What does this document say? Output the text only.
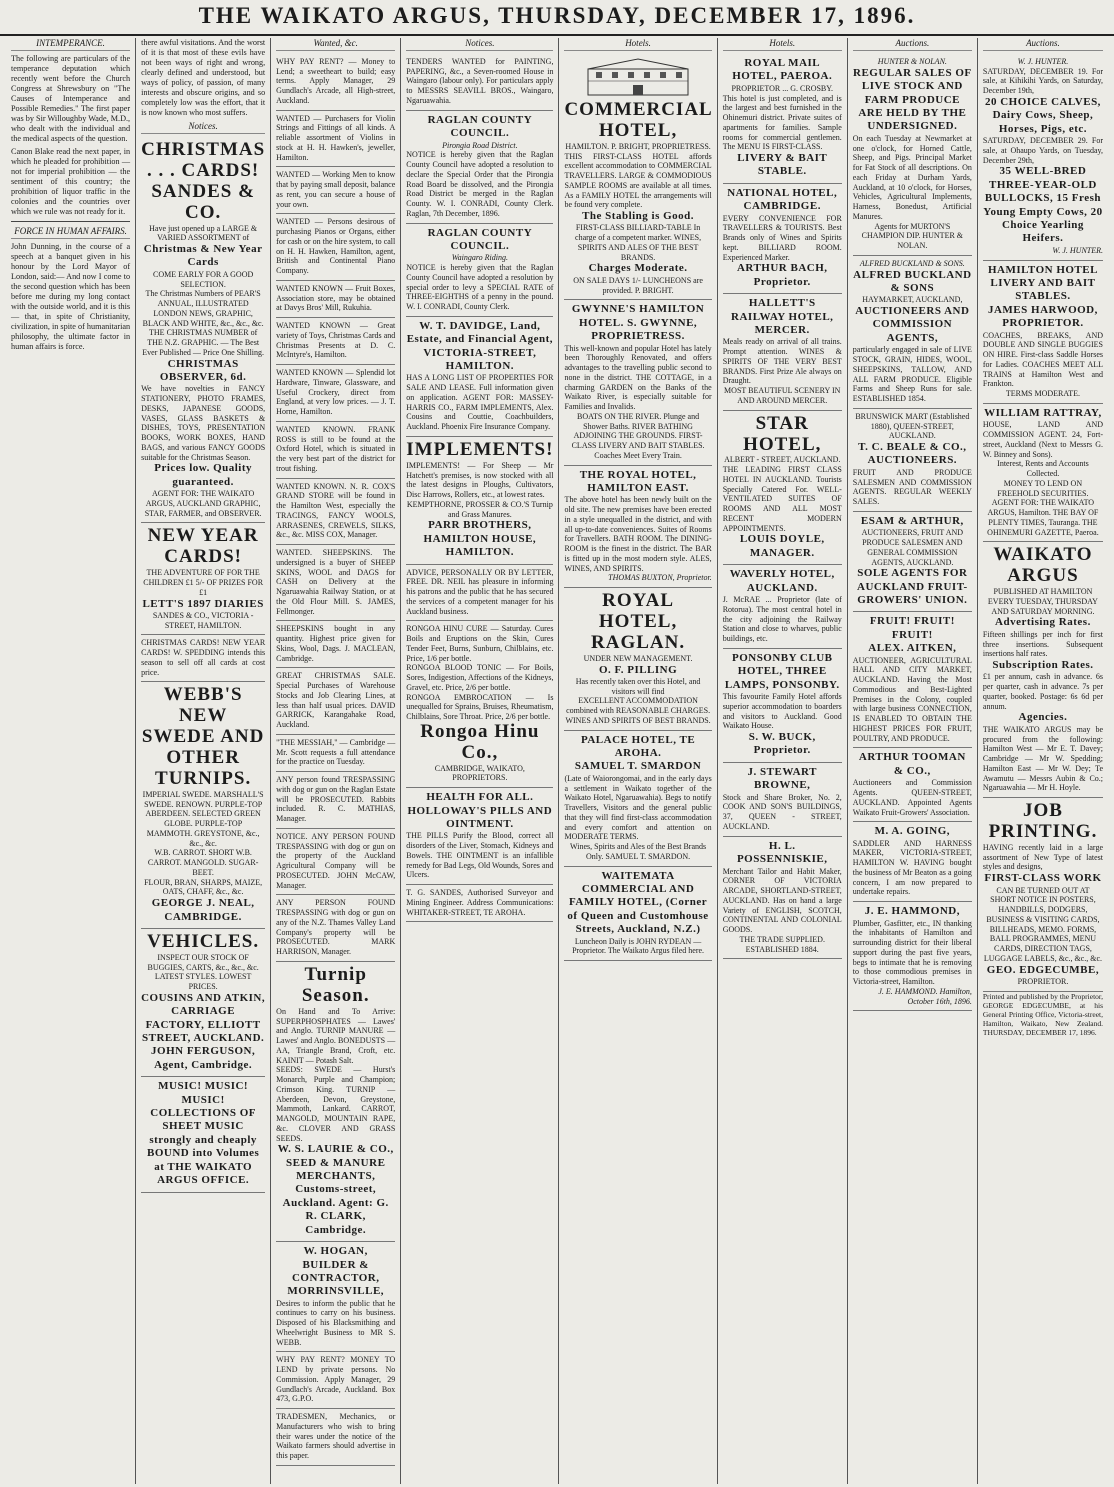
THE WAIKATO ARGUS, THURSDAY, DECEMBER 17, 1896.
INTEMPERANCE.

The following are particulars of the temperance deputation which recently went before the Church Congress at Shrewsbury on "The Causes of Intemperance and Possible Remedies." The first paper was by Sir Willoughby Wade, M.D., who dealt with the individual and the medical aspects of the question.

Canon Blake read the next paper, in which he pleaded for prohibition — not for imperial prohibition — the sentiment of this country; the prohibition of liquor traffic in the colonies and the countries over which we rule was not ready for it.

FORCE IN HUMAN AFFAIRS.

John Dunning, in the course of a speech at a banquet given in his honour by the Lord Mayor of London, said:— And now I come to the second question which has been before me during my long contact with the outside world, and it is this — that, in spite of Christianity, civilization, in spite of humanitarian philosophy, the ultimate factor in human affairs is force.

there awful visitations. And the worst of it is that most of these evils have not been ways of right and wrong, clearly defined and understood, but ways of policy, of passion, of many interests and obscure origins, and so completely low was the effort, that it is now known who most suffers.

Notices.
CHRISTMAS . . . CARDS!
SANDES & CO.
Have just opened up a LARGE & VARIED ASSORTMENT of
Christmas & New Year Cards
COME EARLY FOR A GOOD SELECTION.
The Christmas Numbers of PEAR'S ANNUAL, ILLUSTRATED LONDON NEWS, GRAPHIC, BLACK AND WHITE, &c., &c., &c.
THE CHRISTMAS NUMBER of THE N.Z. GRAPHIC. — The Best Ever Published — Price One Shilling.
CHRISTMAS OBSERVER, 6d.
We have novelties in FANCY STATIONERY, PHOTO FRAMES, DESKS, JAPANESE GOODS, VASES, GLASS BASKETS & DISHES, TOYS, PRESENTATION BOOKS, WORK BOXES, HAND BAGS, and various FANCY GOODS suitable for the Christmas Season.
Prices low. Quality guaranteed.
AGENT FOR: THE WAIKATO ARGUS, AUCKLAND GRAPHIC, STAR, FARMER, and OBSERVER.
NEW YEAR CARDS!
THE ADVENTURE OF FOR THE CHILDREN £1 5/- OF PRIZES FOR £1
LETT'S 1897 DIARIES
SANDES & CO., VICTORIA - STREET, HAMILTON.
CHRISTMAS CARDS! NEW YEAR CARDS! W. SPEDDING intends this season to sell off all cards at cost price.
WEBB'S NEW SWEDE AND OTHER TURNIPS.
IMPERIAL SWEDE. MARSHALL'S SWEDE. RENOWN. PURPLE-TOP ABERDEEN. SELECTED GREEN GLOBE. PURPLE-TOP MAMMOTH. GREYSTONE, &c., &c., &c.
W.B. CARROT. SHORT W.B. CARROT. MANGOLD. SUGAR-BEET.
FLOUR, BRAN, SHARPS, MAIZE, OATS, CHAFF, &c., &c.
GEORGE J. NEAL, CAMBRIDGE.
VEHICLES.
INSPECT OUR STOCK OF BUGGIES, CARTS, &c., &c., &c. LATEST STYLES. LOWEST PRICES.
COUSINS AND ATKIN, CARRIAGE FACTORY, ELLIOTT STREET, AUCKLAND. JOHN FERGUSON, Agent, Cambridge.
MUSIC! MUSIC! MUSIC! COLLECTIONS OF SHEET MUSIC strongly and cheaply BOUND into Volumes at THE WAIKATO ARGUS OFFICE.
Wanted, &c.
WHY PAY RENT? — Money to Lend; a sweetheart to build; easy terms. Apply Manager, 29 Gundlach's Arcade, all High-street, Auckland.
WANTED — Purchasers for Violin Strings and Fittings of all kinds. A reliable assortment of Violins in stock at H. H. Hawken's, jeweller, Hamilton.
WANTED — Working Men to know that by paying small deposit, balance as rent, you can secure a house of your own.
WANTED — Persons desirous of purchasing Pianos or Organs, either for cash or on the hire system, to call on H. H. Hawken, Hamilton, agent, British and Continental Piano Company.
WANTED KNOWN — Fruit Boxes, Association store, may be obtained at Davys Bros' Mill, Rukuhia.
WANTED KNOWN — Great variety of Toys, Christmas Cards and Christmas Presents at D. C. McIntyre's, Hamilton.
WANTED KNOWN — Splendid lot Hardware, Tinware, Glassware, and Useful Crockery, direct from England, at very low prices. — J. T. Horne, Hamilton.
WANTED KNOWN. FRANK ROSS is still to be found at the Oxford Hotel, which is situated in the very best part of the district for trout fishing.
WANTED KNOWN. N. R. COX'S GRAND STORE will be found in the Hamilton West, especially the TRACINGS, FANCY WOOLS, ARRASENES, CREWELS, SILKS, &c., &c. MISS COX, Manager.
WANTED. SHEEPSKINS. The undersigned is a buyer of SHEEP SKINS, WOOL and DAGS for CASH on Delivery at the Ngaruawahia Railway Station, or at the Old Flour Mill. S. JAMES, Fellmonger.
SHEEPSKINS bought in any quantity. Highest price given for Skins, Wool, Dags. J. MACLEAN, Cambridge.
GREAT CHRISTMAS SALE. Special Purchases of Warehouse Stocks and Job Clearing Lines, at less than half usual prices. DAVID GARRICK, Karangahake Road, Auckland.
"THE MESSIAH," — Cambridge — Mr. Scott requests a full attendance for the practice on Tuesday.
ANY person found TRESPASSING with dog or gun on the Raglan Estate will be PROSECUTED. Rabbits included. R. C. MATHIAS, Manager.
NOTICE. ANY PERSON FOUND TRESPASSING with dog or gun on the property of the Auckland Agricultural Company will be PROSECUTED. JOHN McCAW, Manager.
ANY PERSON FOUND TRESPASSING with dog or gun on any of the N.Z. Thames Valley Land Company's property will be PROSECUTED. MARK HARRISON, Manager.
Turnip Season.
On Hand and To Arrive: SUPERPHOSPHATES — Lawes' and Anglo. TURNIP MANURE — Lawes' and Anglo. BONEDUSTS — AA, Triangle Brand, Croft, etc. KAINIT — Potash Salt.
SEEDS: SWEDE — Hurst's Monarch, Purple and Champion; Crimson King. TURNIP — Aberdeen, Devon, Greystone, Mammoth, Lankard. CARROT, MANGOLD, MOUNTAIN RAPE, &c. CLOVER AND GRASS SEEDS.
W. S. LAURIE & CO., SEED & MANURE MERCHANTS, Customs-street, Auckland. Agent: G. R. CLARK, Cambridge.
W. HOGAN, BUILDER & CONTRACTOR, MORRINSVILLE,
Desires to inform the public that he continues to carry on his business. Disposed of his Blacksmithing and Wheelwright Business to MR S. WEBB.
WHY PAY RENT? MONEY TO LEND by private persons. No Commission. Apply Manager, 29 Gundlach's Arcade, Auckland. Box 473, G.P.O.
TRADESMEN, Mechanics, or Manufacturers who wish to bring their wares under the notice of the Waikato farmers should advertise in this paper.
Notices.
TENDERS WANTED for PAINTING, PAPERING, &c., a Seven-roomed House in Waingaro (labour only). For particulars apply to MESSRS SEAVILL BROS., Waingaro, Ngaruawahia.
RAGLAN COUNTY COUNCIL.
Pirongia Road District.
NOTICE is hereby given that the Raglan County Council have adopted a resolution to declare the Special Order that the Pirongia Road Board be dissolved, and the Pirongia Road District be merged in the Raglan County. W. I. CONRADI, County Clerk. Raglan, 7th December, 1896.
RAGLAN COUNTY COUNCIL.
Waingaro Riding.
NOTICE is hereby given that the Raglan County Council have adopted a resolution by special order to levy a SPECIAL RATE of THREE-EIGHTHS of a penny in the pound. W. I. CONRADI, County Clerk.
W. T. DAVIDGE, Land, Estate, and Financial Agent, VICTORIA-STREET, HAMILTON.
HAS A LONG LIST OF PROPERTIES FOR SALE AND LEASE. Full information given on application. AGENT FOR: MASSEY-HARRIS CO., FARM IMPLEMENTS, Alex. Cousins and Couttie, Coachbuilders, Auckland. Phoenix Fire Insurance Company.
IMPLEMENTS!
IMPLEMENTS! — For Sheep — Mr Hatchett's premises, is now stocked with all the latest designs in Ploughs, Cultivators, Disc Harrows, Rollers, etc., at lowest rates.
KEMPTHORNE, PROSSER & CO.'S Turnip and Grass Manures.
PARR BROTHERS, HAMILTON HOUSE, HAMILTON.
ADVICE, PERSONALLY OR BY LETTER, FREE. DR. NEIL has pleasure in informing his patrons and the public that he has secured the services of a competent manager for his Auckland business.
RONGOA HINU CURE — Saturday. Cures Boils and Eruptions on the Skin, Cures Tender Feet, Burns, Sunburn, Chilblains, etc. Price, 1/6 per bottle.
RONGOA BLOOD TONIC — For Boils, Sores, Indigestion, Affections of the Kidneys, Gravel, etc. Price, 2/6 per bottle.
RONGOA EMBROCATION — Is unequalled for Sprains, Bruises, Rheumatism, Chilblains, Sore Throat. Price, 2/6 per bottle.
Rongoa Hinu Co.,
CAMBRIDGE, WAIKATO, PROPRIETORS.
HEALTH FOR ALL. HOLLOWAY'S PILLS AND OINTMENT.
THE PILLS Purify the Blood, correct all disorders of the Liver, Stomach, Kidneys and Bowels. THE OINTMENT is an infallible remedy for Bad Legs, Old Wounds, Sores and Ulcers.
T. G. SANDES, Authorised Surveyor and Mining Engineer. Address Communications: WHITAKER-STREET, TE AROHA.
Hotels.
COMMERCIAL HOTEL,
HAMILTON. P. BRIGHT, PROPRIETRESS.
THIS FIRST-CLASS HOTEL affords excellent accommodation to COMMERCIAL TRAVELLERS. LARGE & COMMODIOUS SAMPLE ROOMS are available at all times. As a FAMILY HOTEL the arrangements will be found very complete.
The Stabling is Good.
FIRST-CLASS BILLIARD-TABLE In charge of a competent marker. WINES, SPIRITS AND ALES OF THE BEST BRANDS.
Charges Moderate.
ON SALE DAYS 1/- LUNCHEONS are provided. P. BRIGHT.
GWYNNE'S HAMILTON HOTEL. S. GWYNNE, PROPRIETRESS.
This well-known and popular Hotel has lately been Thoroughly Renovated, and offers advantages to the travelling public second to none in the district. THE COTTAGE, in a charming GARDEN on the Banks of the Waikato River, is especially suitable for Families and Invalids.
BOATS ON THE RIVER. Plunge and Shower Baths. RIVER BATHING ADJOINING THE GROUNDS. FIRST-CLASS LIVERY AND BAIT STABLES. Coaches Meet Every Train.
THE ROYAL HOTEL, HAMILTON EAST.
The above hotel has been newly built on the old site. The new premises have been erected in a style unequalled in the district, and with all up-to-date conveniences. Suites of Rooms for Travellers. BATH ROOM. The DINING-ROOM is the finest in the district. The BAR is fitted up in the most modern style. ALES, WINES, AND SPIRITS.
THOMAS BUXTON, Proprietor.
ROYAL HOTEL, RAGLAN.
UNDER NEW MANAGEMENT.
O. F. PILLING
Has recently taken over this Hotel, and visitors will find
EXCELLENT ACCOMMODATION combined with REASONABLE CHARGES.
WINES AND SPIRITS OF BEST BRANDS.
PALACE HOTEL, TE AROHA.
SAMUEL T. SMARDON
(Late of Waiorongomai, and in the early days a settlement in Waikato together of the Waikato Hotel, Ngaruawahia). Begs to notify Travellers, Visitors and the general public that they will find first-class accommodation and every comfort and attention on MODERATE TERMS.
Wines, Spirits and Ales of the Best Brands Only. SAMUEL T. SMARDON.
WAITEMATA COMMERCIAL AND FAMILY HOTEL, (Corner of Queen and Customhouse Streets, Auckland, N.Z.)
Luncheon Daily is JOHN RYDEAN — Proprietor. The Waikato Argus filed here.
Hotels.
ROYAL MAIL HOTEL, PAEROA.
PROPRIETOR ... G. CROSBY.
This hotel is just completed, and is the largest and best furnished in the Ohinemuri district. Private suites of apartments for families. Sample rooms for commercial gentlemen. The MENU IS FIRST-CLASS.
LIVERY & BAIT STABLE.
NATIONAL HOTEL, CAMBRIDGE.
EVERY CONVENIENCE FOR TRAVELLERS & TOURISTS. Best Brands only of Wines and Spirits kept. BILLIARD ROOM. Experienced Marker.
ARTHUR BACH, Proprietor.
HALLETT'S RAILWAY HOTEL, MERCER.
Meals ready on arrival of all trains. Prompt attention. WINES & SPIRITS OF THE VERY BEST BRANDS. First Prize Ale always on Draught.
MOST BEAUTIFUL SCENERY IN AND AROUND MERCER.
STAR HOTEL,
ALBERT - STREET, AUCKLAND.
THE LEADING FIRST CLASS HOTEL IN AUCKLAND. Tourists Specially Catered For. WELL-VENTILATED SUITES OF ROOMS AND ALL MOST RECENT MODERN APPOINTMENTS.
LOUIS DOYLE, MANAGER.
WAVERLY HOTEL, AUCKLAND.
J. McRAE ... Proprietor (late of Rotorua). The most central hotel in the city adjoining the Railway Station and close to wharves, public buildings, etc.
PONSONBY CLUB HOTEL, THREE LAMPS, PONSONBY.
This favourite Family Hotel affords superior accommodation to boarders and visitors to Auckland. Good Waikato House.
S. W. BUCK, Proprietor.
J. STEWART BROWNE,
Stock and Share Broker, No. 2, COOK AND SON'S BUILDINGS, 37, QUEEN - STREET, AUCKLAND.
H. L. POSSENNISKIE,
Merchant Tailor and Habit Maker, CORNER OF VICTORIA ARCADE, SHORTLAND-STREET, AUCKLAND. Has on hand a large Variety of ENGLISH, SCOTCH, CONTINENTAL AND COLONIAL GOODS.
THE TRADE SUPPLIED. ESTABLISHED 1884.
Auctions.
HUNTER & NOLAN.
REGULAR SALES OF LIVE STOCK AND FARM PRODUCE ARE HELD BY THE UNDERSIGNED.
On each Tuesday at Newmarket at one o'clock, for Horned Cattle, Sheep, and Pigs. Principal Market for Fat Stock of all descriptions. On each Friday at Durham Yards, Auckland, at 10 o'clock, for Horses, Vehicles, Agricultural Implements, Harness, Bonedust, Artificial Manures.
Agents for MURTON'S CHAMPION DIP. HUNTER & NOLAN.
ALFRED BUCKLAND & SONS.
ALFRED BUCKLAND & SONS
HAYMARKET, AUCKLAND,
AUCTIONEERS AND COMMISSION AGENTS,
particularly engaged in sale of LIVE STOCK, GRAIN, HIDES, WOOL, SHEEPSKINS, TALLOW, AND ALL FARM PRODUCE. Eligible Farms and Sheep Runs for sale. ESTABLISHED 1854.
BRUNSWICK MART (Established 1880), QUEEN-STREET, AUCKLAND.
T. C. BEALE & CO., AUCTIONEERS.
FRUIT AND PRODUCE SALESMEN AND COMMISSION AGENTS. REGULAR WEEKLY SALES.
ESAM & ARTHUR,
AUCTIONEERS, FRUIT AND PRODUCE SALESMEN AND GENERAL COMMISSION AGENTS, AUCKLAND.
SOLE AGENTS FOR AUCKLAND FRUIT-GROWERS' UNION.
FRUIT! FRUIT! FRUIT!
ALEX. AITKEN,
AUCTIONEER, AGRICULTURAL HALL AND CITY MARKET, AUCKLAND. Having the Most Commodious and Best-Lighted Premises in the Colony, coupled with large business CONNECTION, IS ENABLED TO OBTAIN THE HIGHEST PRICES FOR FRUIT, POULTRY, AND PRODUCE.
ARTHUR TOOMAN & CO.,
Auctioneers and Commission Agents. QUEEN-STREET, AUCKLAND. Appointed Agents Waikato Fruit-Growers' Association.
M. A. GOING,
SADDLER AND HARNESS MAKER, VICTORIA-STREET, HAMILTON W. HAVING bought the business of Mr Beaton as a going concern, I am now prepared to undertake repairs.
J. E. HAMMOND,
Plumber, Gasfitter, etc., IN thanking the inhabitants of Hamilton and surrounding district for their liberal support during the past five years, begs to intimate that he is removing to those commodious premises in Victoria-street, Hamilton.
J. E. HAMMOND. Hamilton, October 16th, 1896.
Auctions.
W. J. HUNTER.
SATURDAY, DECEMBER 19. For sale, at Kihikihi Yards, on Saturday, December 19th,
20 CHOICE CALVES, Dairy Cows, Sheep, Horses, Pigs, etc.
SATURDAY, DECEMBER 29. For sale, at Ohaupo Yards, on Tuesday, December 29th,
35 WELL-BRED THREE-YEAR-OLD BULLOCKS, 15 Fresh Young Empty Cows, 20 Choice Yearling Heifers.
W. J. HUNTER.
HAMILTON HOTEL LIVERY AND BAIT STABLES.
JAMES HARWOOD, PROPRIETOR.
COACHES, BREAKS, AND DOUBLE AND SINGLE BUGGIES ON HIRE. First-class Saddle Horses for Ladies. COACHES MEET ALL TRAINS at Hamilton West and Frankton.
TERMS MODERATE.
WILLIAM RATTRAY,
HOUSE, LAND AND COMMISSION AGENT. 24, Fort-street, Auckland (Next to Messrs G. W. Binney and Sons).
Interest, Rents and Accounts Collected.
MONEY TO LEND ON FREEHOLD SECURITIES.
AGENT FOR: THE WAIKATO ARGUS, Hamilton. THE BAY OF PLENTY TIMES, Tauranga. THE OHINEMURI GAZETTE, Paeroa.
WAIKATO ARGUS
PUBLISHED AT HAMILTON EVERY TUESDAY, THURSDAY AND SATURDAY MORNING.
Advertising Rates.
Fifteen shillings per inch for first three insertions. Subsequent insertions half rates.
Subscription Rates.
£1 per annum, cash in advance. 6s per quarter, cash in advance. 7s per quarter, booked. Postage: 6s 6d per annum.
Agencies.
THE WAIKATO ARGUS may be procured from the following: Hamilton West — Mr E. T. Davey; Cambridge — Mr W. Spedding; Hamilton East — Mr W. Dey; Te Awamutu — Messrs Aubin & Co.; Ngaruawahia — Mr H. Hoyle.
JOB PRINTING.
HAVING recently laid in a large assortment of New Type of latest styles and designs,
FIRST-CLASS WORK
CAN BE TURNED OUT AT SHORT NOTICE IN POSTERS, HANDBILLS, DODGERS, BUSINESS & VISITING CARDS, BILLHEADS, MEMO. FORMS, BALL PROGRAMMES, MENU CARDS, DIRECTION TAGS, LUGGAGE LABELS, &c., &c., &c.
GEO. EDGECUMBE,
PROPRIETOR.
Printed and published by the Proprietor, GEORGE EDGECUMBE, at his General Printing Office, Victoria-street, Hamilton, Waikato, New Zealand. THURSDAY, DECEMBER 17, 1896.
